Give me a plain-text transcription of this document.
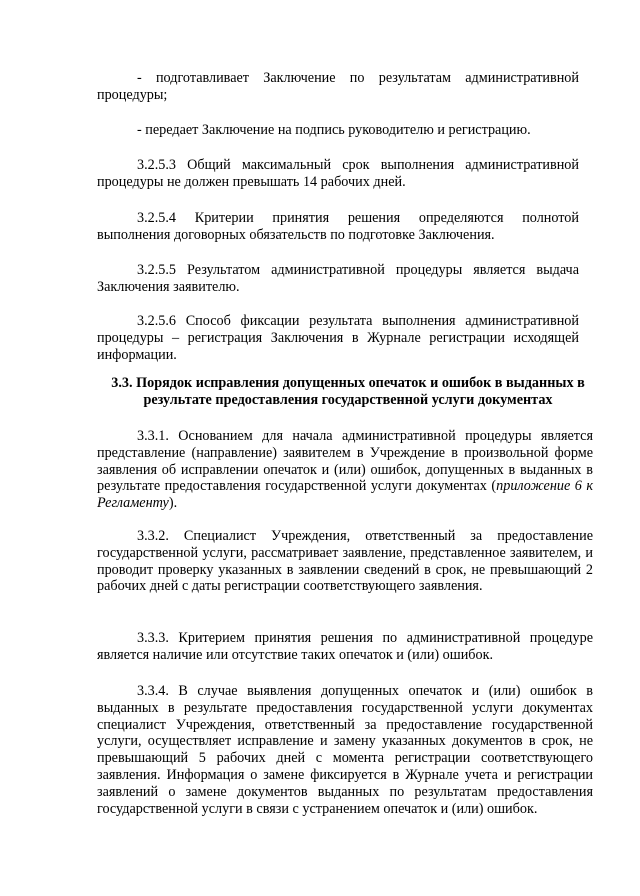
- подготавливает Заключение по результатам административной процедуры;

- передает Заключение на подпись руководителю и регистрацию.

3.2.5.3 Общий максимальный срок выполнения административной процедуры не должен превышать 14 рабочих дней.

3.2.5.4 Критерии принятия решения определяются полнотой выполнения договорных обязательств по подготовке Заключения.

3.2.5.5 Результатом административной процедуры является выдача Заключения заявителю.

3.2.5.6 Способ фиксации результата выполнения административной процедуры – регистрация Заключения в Журнале регистрации исходящей информации.

3.3. Порядок исправления допущенных опечаток и ошибок в выданных в результате предоставления государственной услуги документах

3.3.1. Основанием для начала административной процедуры является представление (направление) заявителем в Учреждение в произвольной форме заявления об исправлении опечаток и (или) ошибок, допущенных в выданных в результате предоставления государственной услуги документах (приложение 6 к Регламенту).

3.3.2. Специалист Учреждения, ответственный за предоставление государственной услуги, рассматривает заявление, представленное заявителем, и проводит проверку указанных в заявлении сведений в срок, не превышающий 2 рабочих дней с даты регистрации соответствующего заявления.

3.3.3. Критерием принятия решения по административной процедуре является наличие или отсутствие таких опечаток и (или) ошибок.

3.3.4. В случае выявления допущенных опечаток и (или) ошибок в выданных в результате предоставления государственной услуги документах специалист Учреждения, ответственный за предоставление государственной услуги, осуществляет исправление и замену указанных документов в срок, не превышающий 5 рабочих дней с момента регистрации соответствующего заявления. Информация о замене фиксируется в Журнале учета и регистрации заявлений о замене документов выданных по результатам предоставления государственной услуги в связи с устранением опечаток и (или) ошибок.
